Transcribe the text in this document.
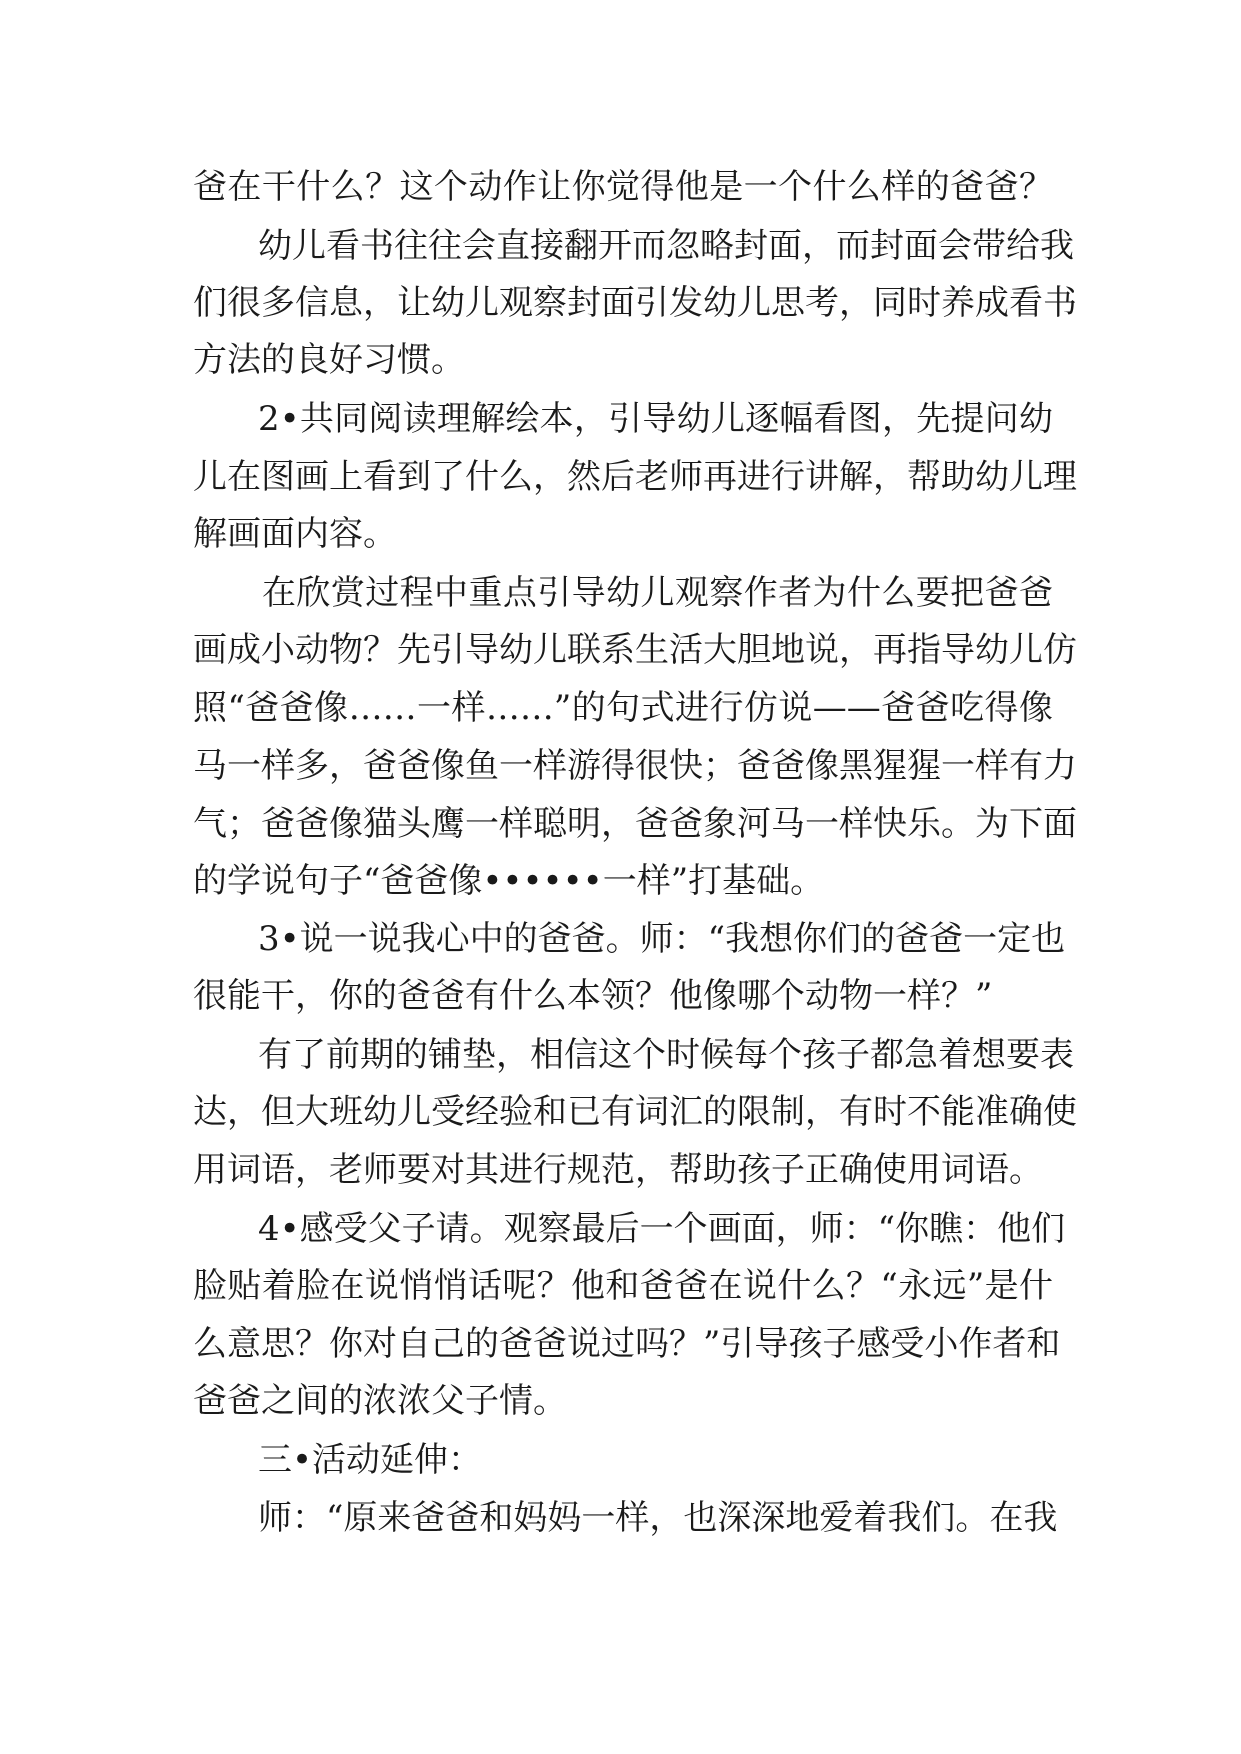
爸在干什么？这个动作让你觉得他是一个什么样的爸爸？
幼儿看书往往会直接翻开而忽略封面，而封面会带给我
们很多信息，让幼儿观察封面引发幼儿思考，同时养成看书
方法的良好习惯。
2•共同阅读理解绘本，引导幼儿逐幅看图，先提问幼
儿在图画上看到了什么，然后老师再进行讲解，帮助幼儿理
解画面内容。
在欣赏过程中重点引导幼儿观察作者为什么要把爸爸
画成小动物？先引导幼儿联系生活大胆地说，再指导幼儿仿
照“爸爸像……一样……”的句式进行仿说——爸爸吃得像
马一样多，爸爸像鱼一样游得很快；爸爸像黑猩猩一样有力
气；爸爸像猫头鹰一样聪明，爸爸象河马一样快乐。为下面
的学说句子“爸爸像••••••一样”打基础。
3•说一说我心中的爸爸。师：“我想你们的爸爸一定也
很能干，你的爸爸有什么本领？他像哪个动物一样？”
有了前期的铺垫，相信这个时候每个孩子都急着想要表
达，但大班幼儿受经验和已有词汇的限制，有时不能准确使
用词语，老师要对其进行规范，帮助孩子正确使用词语。
4•感受父子请。观察最后一个画面，师：“你瞧：他们
脸贴着脸在说悄悄话呢？他和爸爸在说什么？“永远”是什
么意思？你对自己的爸爸说过吗？”引导孩子感受小作者和
爸爸之间的浓浓父子情。
三•活动延伸：
师：“原来爸爸和妈妈一样，也深深地爱着我们。在我
